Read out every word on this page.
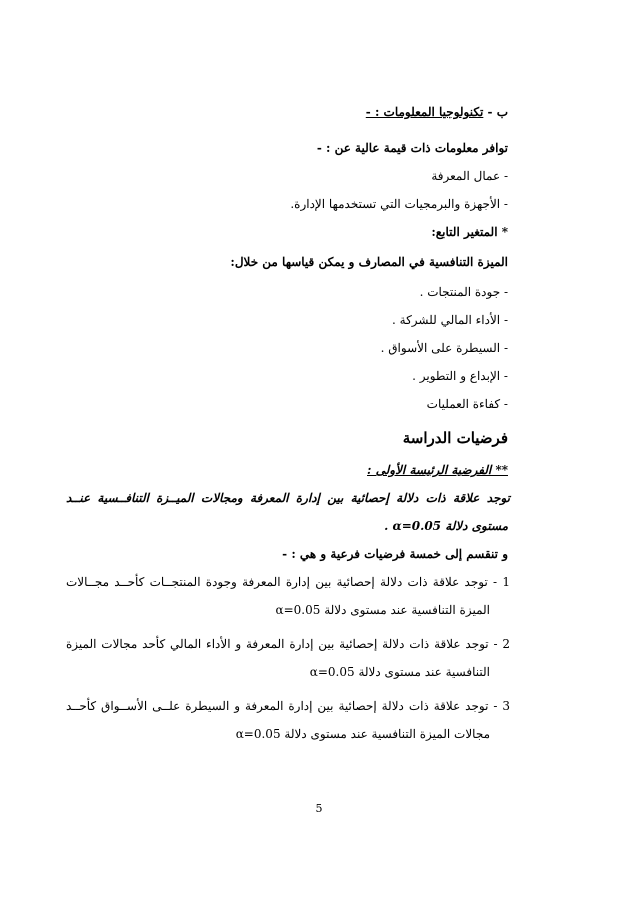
ب - تكنولوجيا المعلومات : -
توافر معلومات ذات قيمة عالية عن : -
- عمال المعرفة
- الأجهزة والبرمجيات التي تستخدمها الإدارة.
* المتغير التابع:
الميزة التنافسية في المصارف و يمكن قياسها من خلال:
- جودة المنتجات .
- الأداء المالي للشركة .
- السيطرة على الأسواق .
- الإبداع و التطوير .
- كفاءة العمليات
فرضيات الدراسة
** الفرضية الرئيسة الأولى :
توجد علاقة ذات دلالة إحصائية بين إدارة المعرفة ومجالات الميــزة التنافــسية عنــد
مستوى دلالة α=0.05 .
و تنقسم إلى خمسة فرضيات فرعية و هي : -
1 - توجد علاقة ذات دلالة إحصائية بين إدارة المعرفة وجودة المنتجــات كأحــد مجــالات
الميزة التنافسية عند مستوى دلالة α=0.05
2 - توجد علاقة ذات دلالة إحصائية بين إدارة المعرفة و الأداء المالي كأحد مجالات الميزة
التنافسية عند مستوى دلالة α=0.05
3 - توجد علاقة ذات دلالة إحصائية بين إدارة المعرفة و السيطرة علــى الأســواق كأحــد
مجالات الميزة التنافسية عند مستوى دلالة α=0.05
5
